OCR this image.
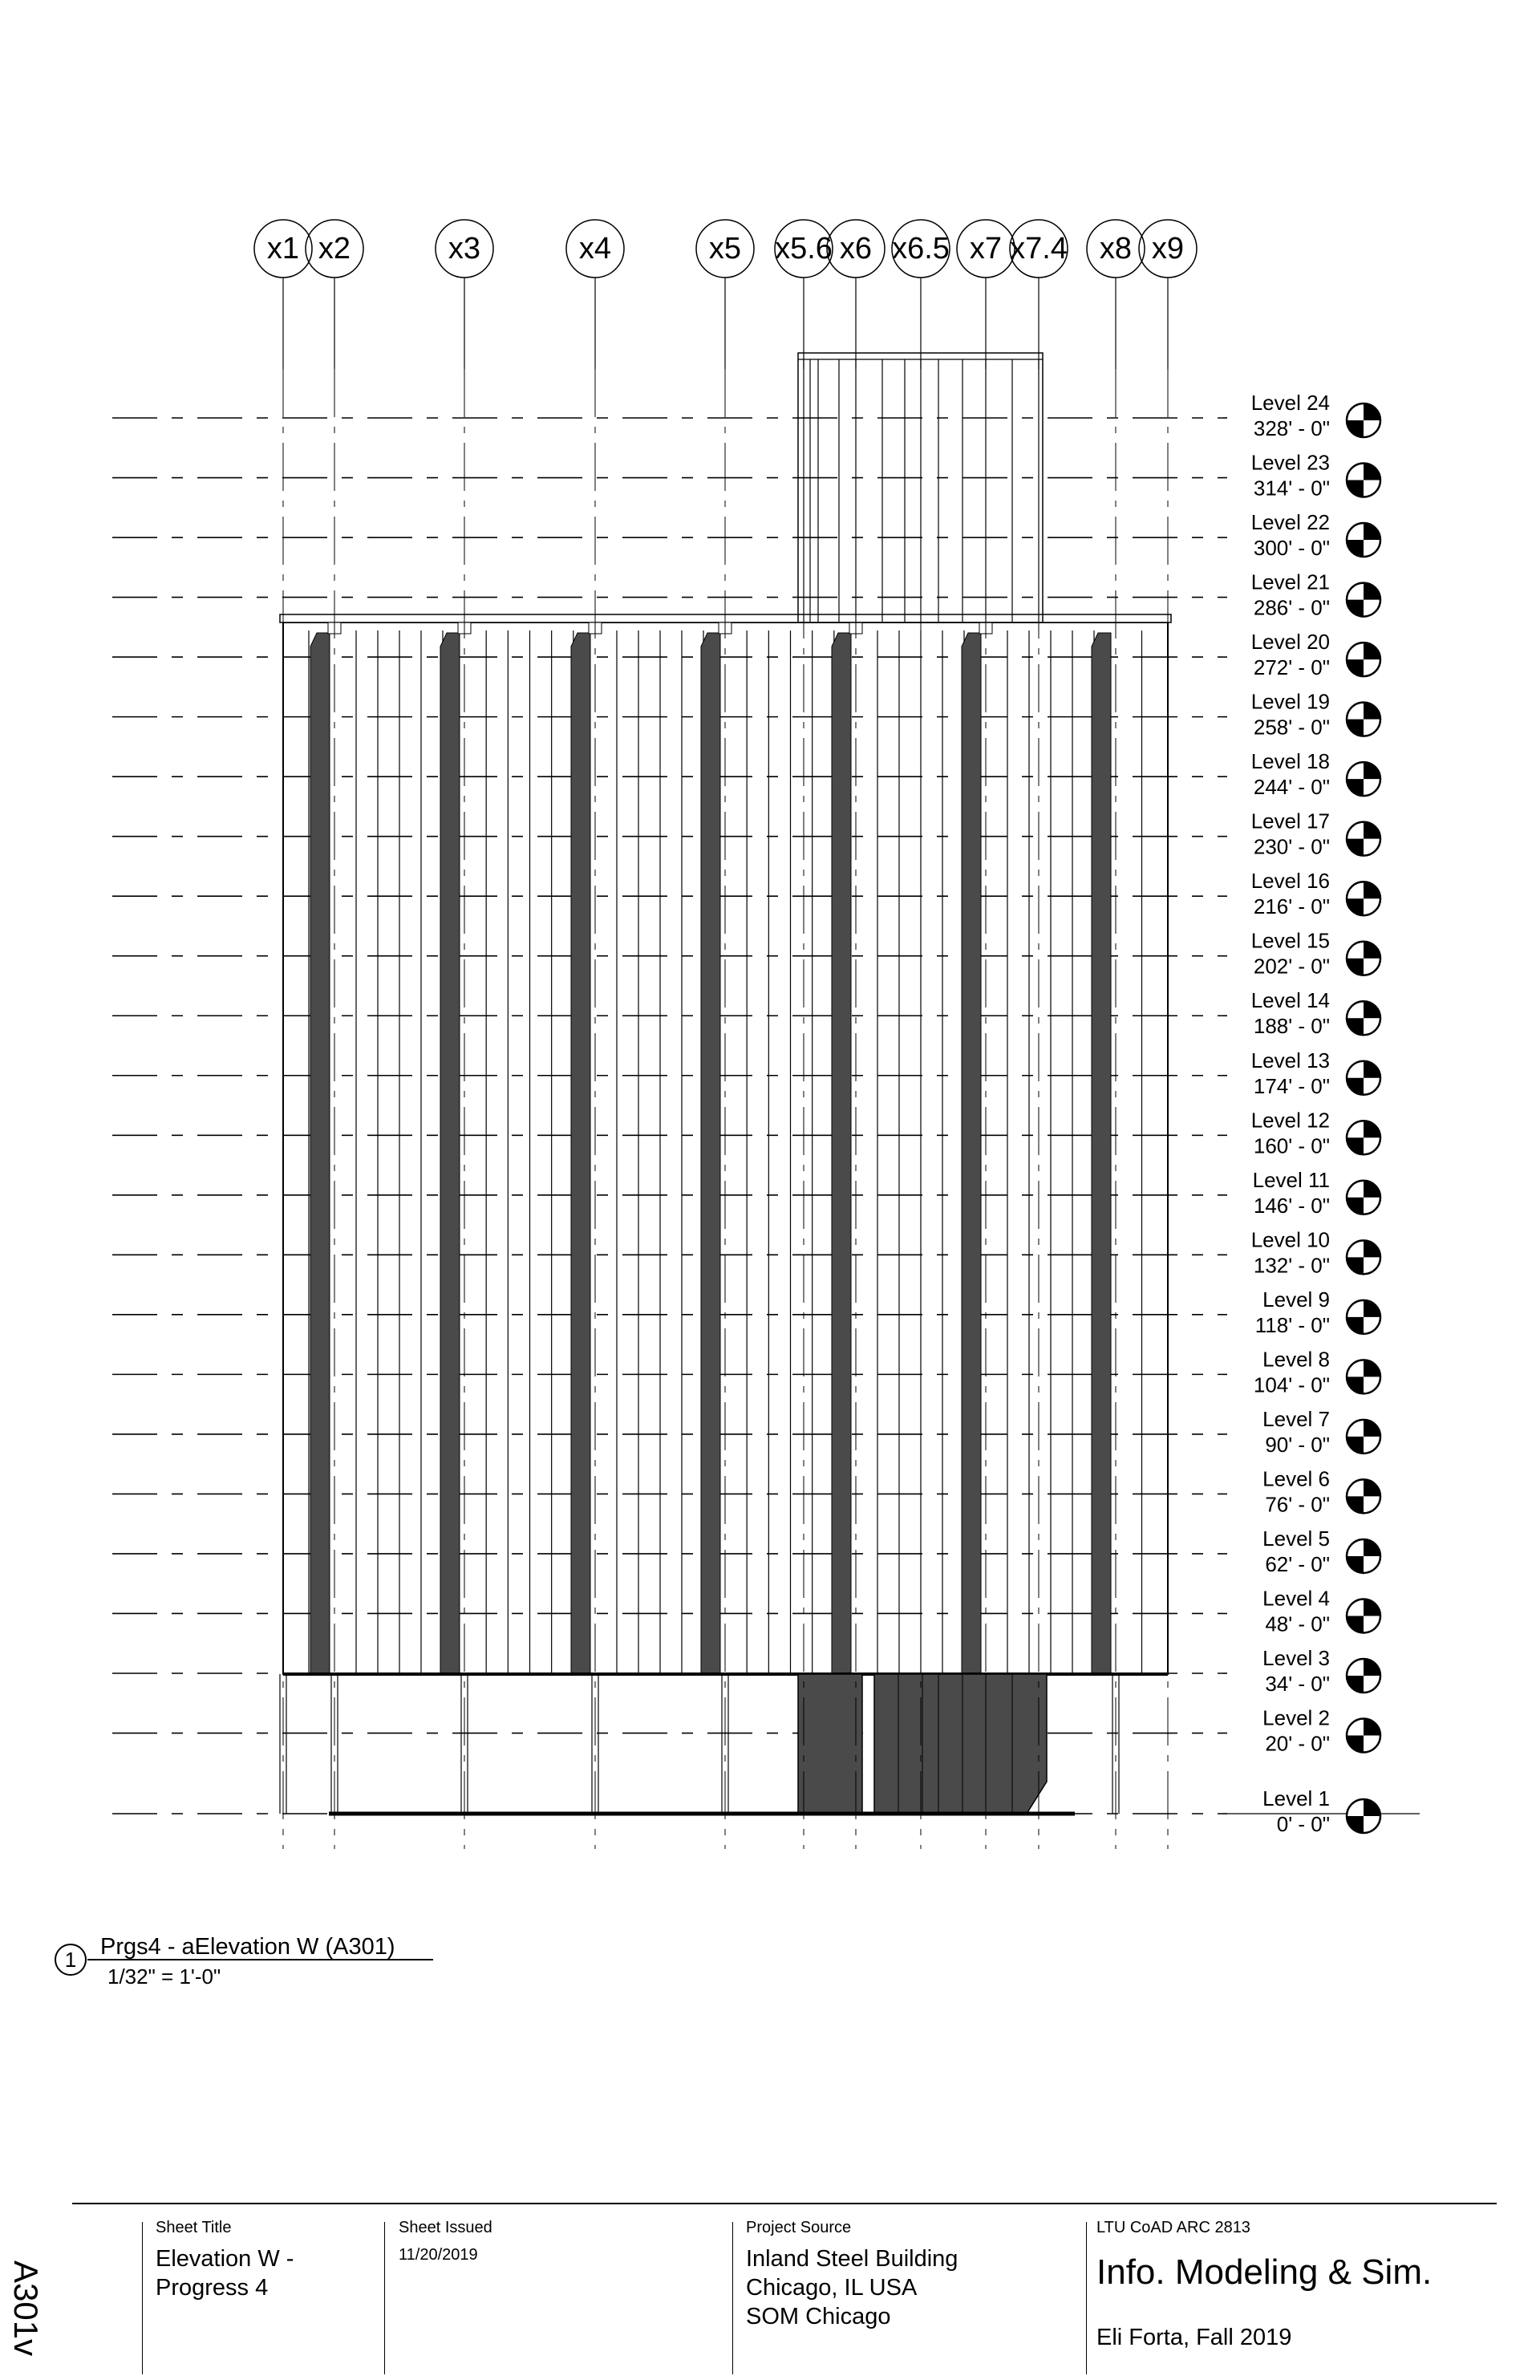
Level 24
328' - 0"
Level 23
314' - 0"
Level 22
300' - 0"
Level 21
286' - 0"
Level 20
272' - 0"
Level 19
258' - 0"
Level 18
244' - 0"
Level 17
230' - 0"
Level 16
216' - 0"
Level 15
202' - 0"
Level 14
188' - 0"
Level 13
174' - 0"
Level 12
160' - 0"
Level 11
146' - 0"
Level 10
132' - 0"
Level 9
118' - 0"
Level 8
104' - 0"
Level 7
90' - 0"
Level 6
76' - 0"
Level 5
62' - 0"
Level 4
48' - 0"
Level 3
34' - 0"
Level 2
20' - 0"
Level 1
0' - 0"
x1 x2	x3	x4	x5 x5.6 x6 x6.5 x7 x7.4 x8 x9
1 Prgs4 - aElevation W (A301)
1/32" = 1'-0"
Sheet Title
Elevation W -
Progress 4
Sheet Issued
11/20/2019
Project Source
Inland Steel Building
Chicago, IL USA
SOM Chicago
LTU CoAD ARC 2813
Info. Modeling & Sim.
Eli Forta, Fall 2019
A301v
